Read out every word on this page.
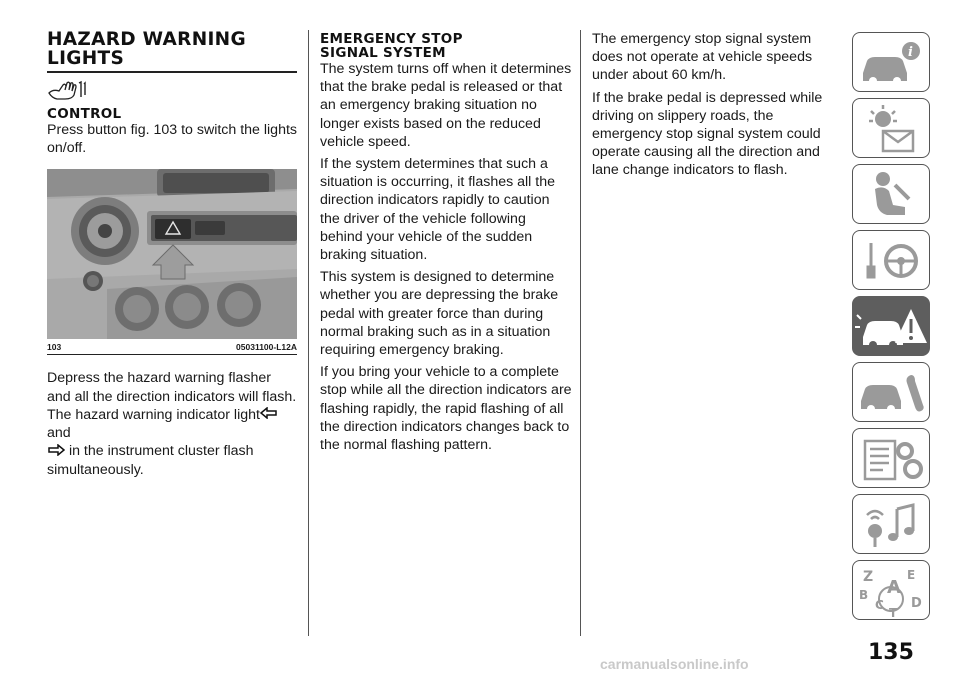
HAZARD WARNING
LIGHTS
CONTROL

Press button fig. 103 to switch the lights on/off.

103	05031100-L12A

Depress the hazard warning flasher and all the direction indicators will flash. The hazard warning indicator lightand
in the instrument cluster flash
simultaneously.

EMERGENCY STOP
SIGNAL SYSTEM

The system turns off when it determines that the brake pedal is released or that an emergency braking situation no longer exists based on the reduced vehicle speed.

If the system determines that such a situation is occurring, it flashes all the direction indicators rapidly to caution the driver of the vehicle following behind your vehicle of the sudden braking situation.

This system is designed to determine whether you are depressing the brake pedal with greater force than during normal braking such as in a situation requiring emergency braking.

If you bring your vehicle to a complete stop while all the direction indicators are flashing rapidly, the rapid flashing of all the direction indicators changes back to the normal flashing pattern.

The emergency stop signal system does not operate at vehicle speeds under about 60 km/h.

If the brake pedal is depressed while driving on slippery roads, the emergency stop signal system could operate causing all the direction and lane change indicators to flash.

i
Z	E
A
B
C D
T
135
carmanualsonline.info
